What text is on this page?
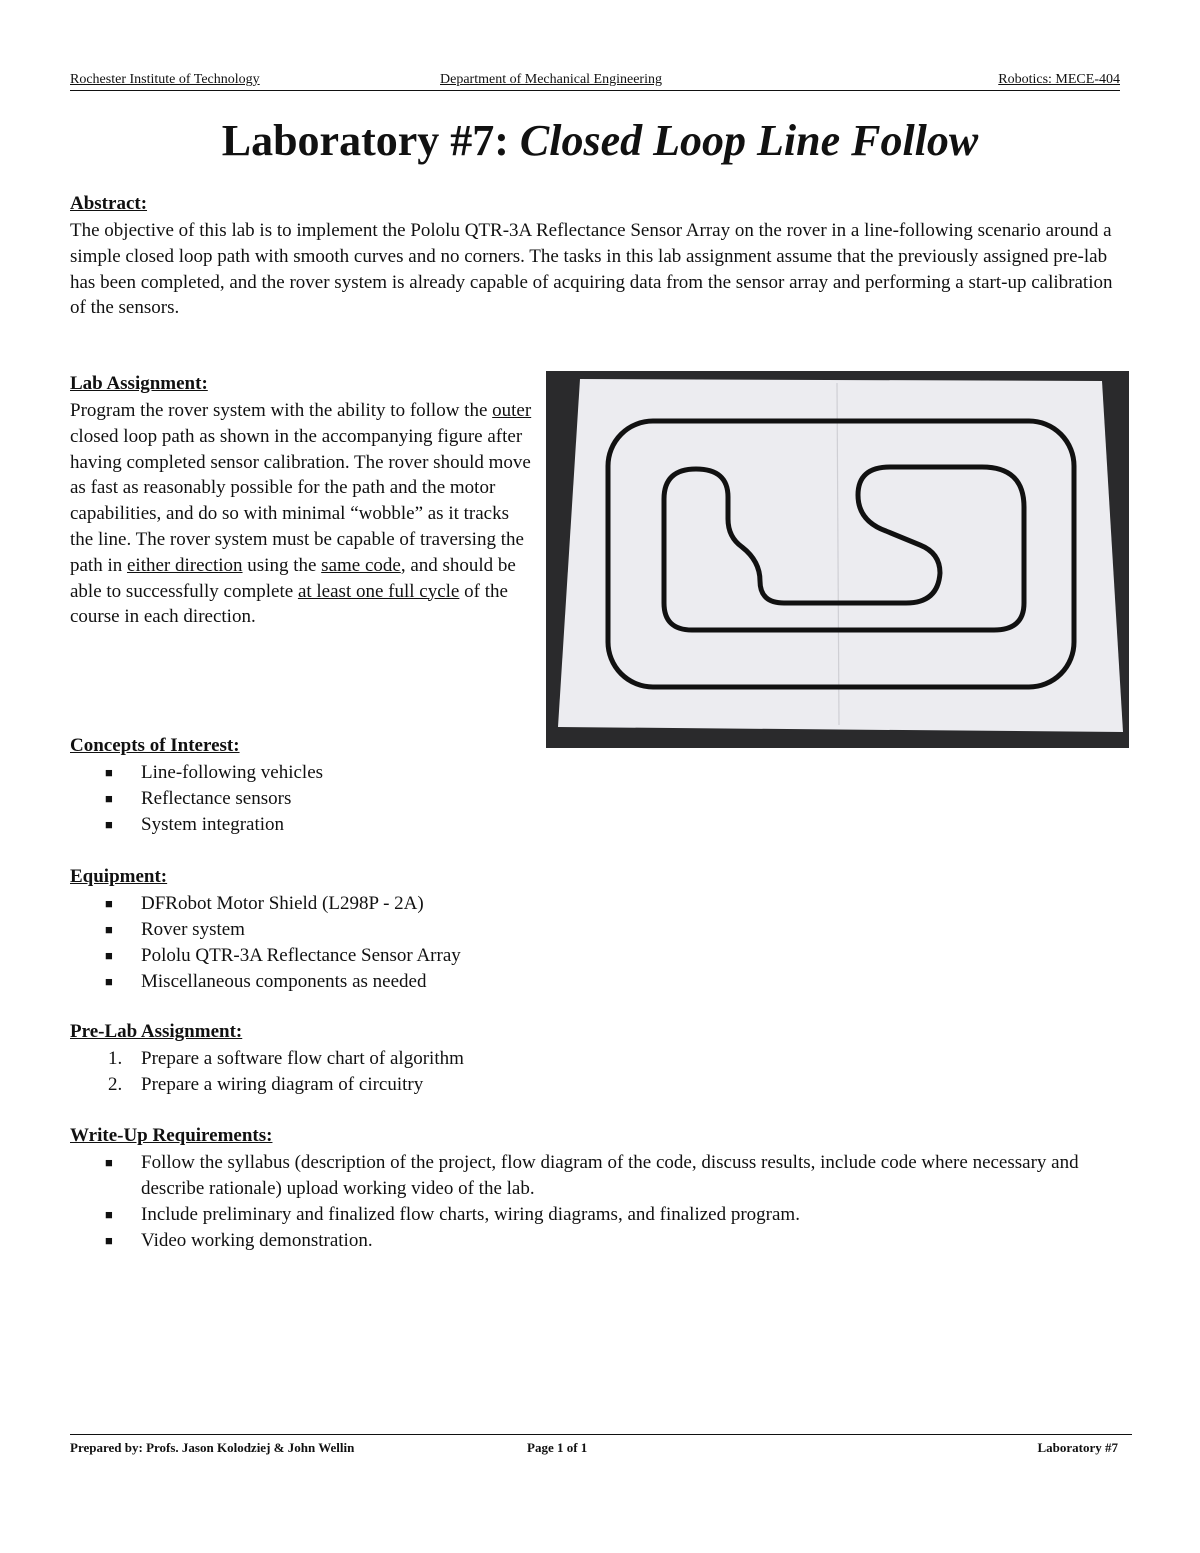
Rochester Institute of Technology	Department of Mechanical Engineering	Robotics: MECE-404
Laboratory #7: Closed Loop Line Follow
Abstract:
The objective of this lab is to implement the Pololu QTR-3A Reflectance Sensor Array on the rover in a line-following scenario around a simple closed loop path with smooth curves and no corners. The tasks in this lab assignment assume that the previously assigned pre-lab has been completed, and the rover system is already capable of acquiring data from the sensor array and performing a start-up calibration of the sensors.
Lab Assignment:
Program the rover system with the ability to follow the outer closed loop path as shown in the accompanying figure after having completed sensor calibration. The rover should move as fast as reasonably possible for the path and the motor capabilities, and do so with minimal “wobble” as it tracks the line. The rover system must be capable of traversing the path in either direction using the same code, and should be able to successfully complete at least one full cycle of the course in each direction.
Concepts of Interest:
■ Line-following vehicles
■ Reflectance sensors
■ System integration
Equipment:
■ DFRobot Motor Shield (L298P - 2A)
■ Rover system
■ Pololu QTR-3A Reflectance Sensor Array
■ Miscellaneous components as needed
Pre-Lab Assignment:
1. Prepare a software flow chart of algorithm
2. Prepare a wiring diagram of circuitry
Write-Up Requirements:
■ Follow the syllabus (description of the project, flow diagram of the code, discuss results, include code where necessary and describe rationale) upload working video of the lab.
■ Include preliminary and finalized flow charts, wiring diagrams, and finalized program.
■ Video working demonstration.
Prepared by: Profs. Jason Kolodziej & John Wellin	Page 1 of 1	Laboratory #7
